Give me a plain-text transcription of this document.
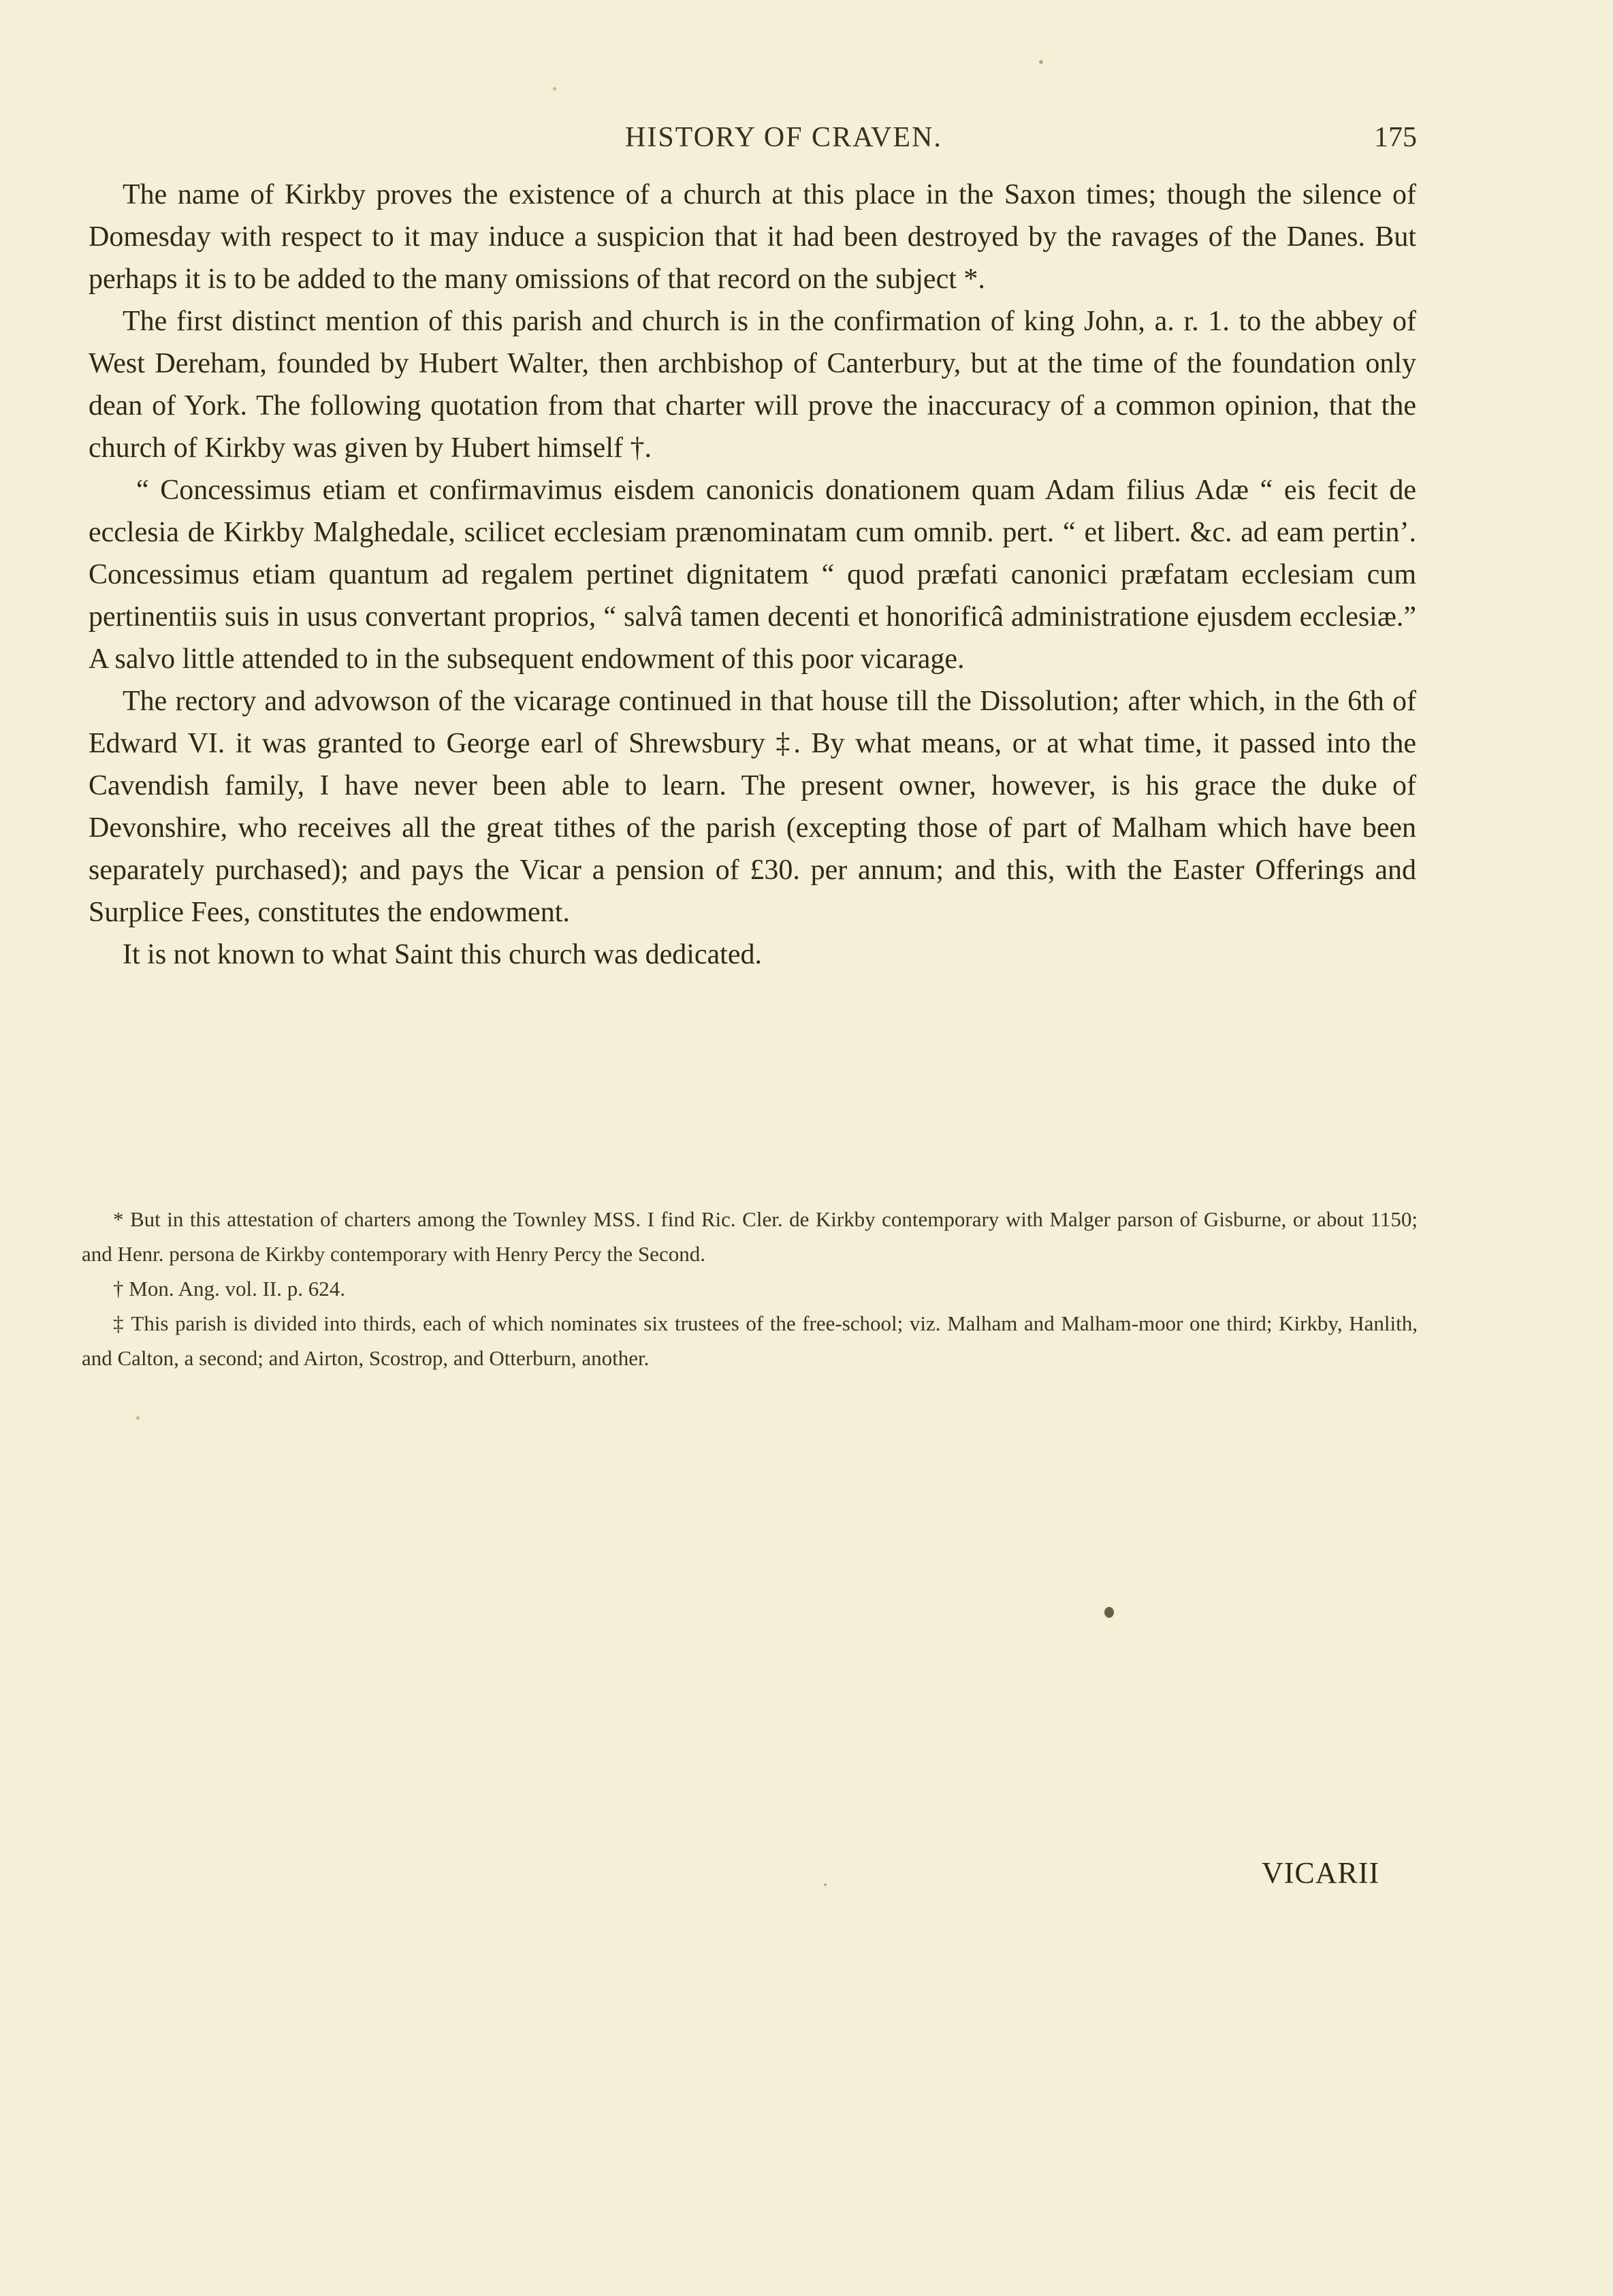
HISTORY OF CRAVEN.	175

The name of Kirkby proves the existence of a church at this place in the Saxon times; though the silence of Domesday with respect to it may induce a suspicion that it had been destroyed by the ravages of the Danes. But perhaps it is to be added to the many omissions of that record on the subject *.

The first distinct mention of this parish and church is in the confirmation of king John, a. r. 1. to the abbey of West Dereham, founded by Hubert Walter, then archbishop of Canterbury, but at the time of the foundation only dean of York. The following quotation from that charter will prove the inaccuracy of a common opinion, that the church of Kirkby was given by Hubert himself †.

“ Concessimus etiam et confirmavimus eisdem canonicis donationem quam Adam filius Adæ “ eis fecit de ecclesia de Kirkby Malghedale, scilicet ecclesiam prænominatam cum omnib. pert. “ et libert. &c. ad eam pertin’. Concessimus etiam quantum ad regalem pertinet dignitatem “ quod præfati canonici præfatam ecclesiam cum pertinentiis suis in usus convertant proprios, “ salvâ tamen decenti et honorificâ administratione ejusdem ecclesiæ.” A salvo little attended to in the subsequent endowment of this poor vicarage.

The rectory and advowson of the vicarage continued in that house till the Dissolution; after which, in the 6th of Edward VI. it was granted to George earl of Shrewsbury ‡. By what means, or at what time, it passed into the Cavendish family, I have never been able to learn. The present owner, however, is his grace the duke of Devonshire, who receives all the great tithes of the parish (excepting those of part of Malham which have been separately purchased); and pays the Vicar a pension of £30. per annum; and this, with the Easter Offerings and Surplice Fees, constitutes the endowment.

It is not known to what Saint this church was dedicated.

* But in this attestation of charters among the Townley MSS. I find Ric. Cler. de Kirkby contemporary with Malger parson of Gisburne, or about 1150; and Henr. persona de Kirkby contemporary with Henry Percy the Second.

† Mon. Ang. vol. II. p. 624.

‡ This parish is divided into thirds, each of which nominates six trustees of the free-school; viz. Malham and Malham-moor one third; Kirkby, Hanlith, and Calton, a second; and Airton, Scostrop, and Otterburn, another.

VICARII
